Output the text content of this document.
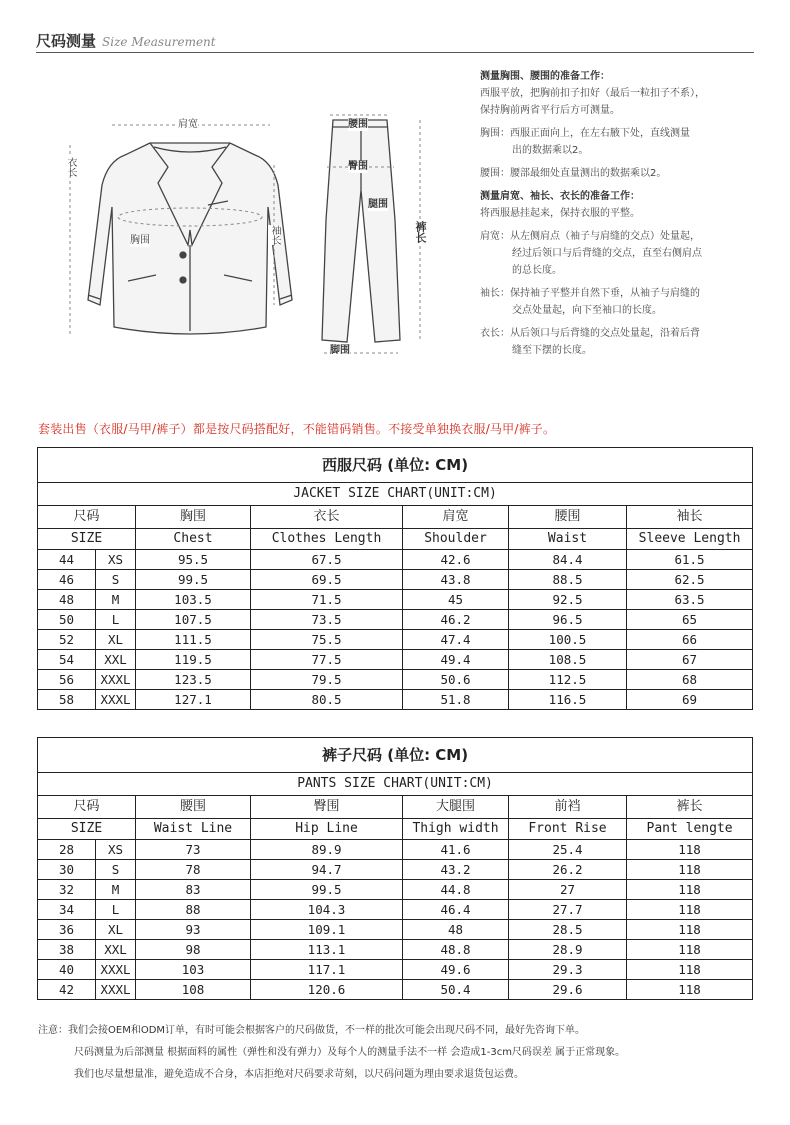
尺码测量 Size Measurement
肩宽
衣长
胸围	袖长
腰围
臀围
腿围
裤长
脚围

测量胸围、腰围的准备工作：

西服平放，把胸前扣子扣好（最后一粒扣子不系），

保持胸前两省平行后方可测量。

胸围：西服正面向上，在左右腋下处，直线测量

出的数据乘以2。

腰围：腰部最细处直量测出的数据乘以2。

测量肩宽、袖长、衣长的准备工作：

将西服悬挂起来，保持衣服的平整。

肩宽：从左侧肩点（袖子与肩缝的交点）处量起，

经过后领口与后背缝的交点，直至右侧肩点

的总长度。

袖长：保持袖子平整并自然下垂，从袖子与肩缝的

交点处量起，向下至袖口的长度。

衣长：从后领口与后背缝的交点处量起，沿着后背

缝至下摆的长度。

套装出售（衣服/马甲/裤子）都是按尺码搭配好，不能错码销售。不接受单独换衣服/马甲/裤子。
西服尺码 (单位: CM)						
JACKET SIZE CHART(UNIT:CM)						
尺码		胸围	衣长	肩宽	腰围	袖长
SIZE		Chest	Clothes Length	Shoulder	Waist	Sleeve Length
44	XS	95.5	67.5	42.6	84.4	61.5
46	S	99.5	69.5	43.8	88.5	62.5
48	M	103.5	71.5	45	92.5	63.5
50	L	107.5	73.5	46.2	96.5	65
52	XL	111.5	75.5	47.4	100.5	66
54	XXL	119.5	77.5	49.4	108.5	67
56	XXXL	123.5	79.5	50.6	112.5	68
58	XXXL	127.1	80.5	51.8	116.5	69
裤子尺码 (单位: CM)						
PANTS SIZE CHART(UNIT:CM)						
尺码		腰围	臀围	大腿围	前裆	裤长
SIZE		Waist Line	Hip Line	Thigh width	Front Rise	Pant lengte
28	XS	73	89.9	41.6	25.4	118
30	S	78	94.7	43.2	26.2	118
32	M	83	99.5	44.8	27	118
34	L	88	104.3	46.4	27.7	118
36	XL	93	109.1	48	28.5	118
38	XXL	98	113.1	48.8	28.9	118
40	XXXL	103	117.1	49.6	29.3	118
42	XXXL	108	120.6	50.4	29.6	118
注意：我们会接OEM和ODM订单，有时可能会根据客户的尺码做货，不一样的批次可能会出现尺码不同，最好先咨询下单。
尺码测量为后部测量 根据面料的属性（弹性和没有弹力）及每个人的测量手法不一样 会造成1-3cm尺码误差 属于正常现象。
我们也尽量想量准，避免造成不合身，本店拒绝对尺码要求苛刻，以尺码问题为理由要求退货包运费。
